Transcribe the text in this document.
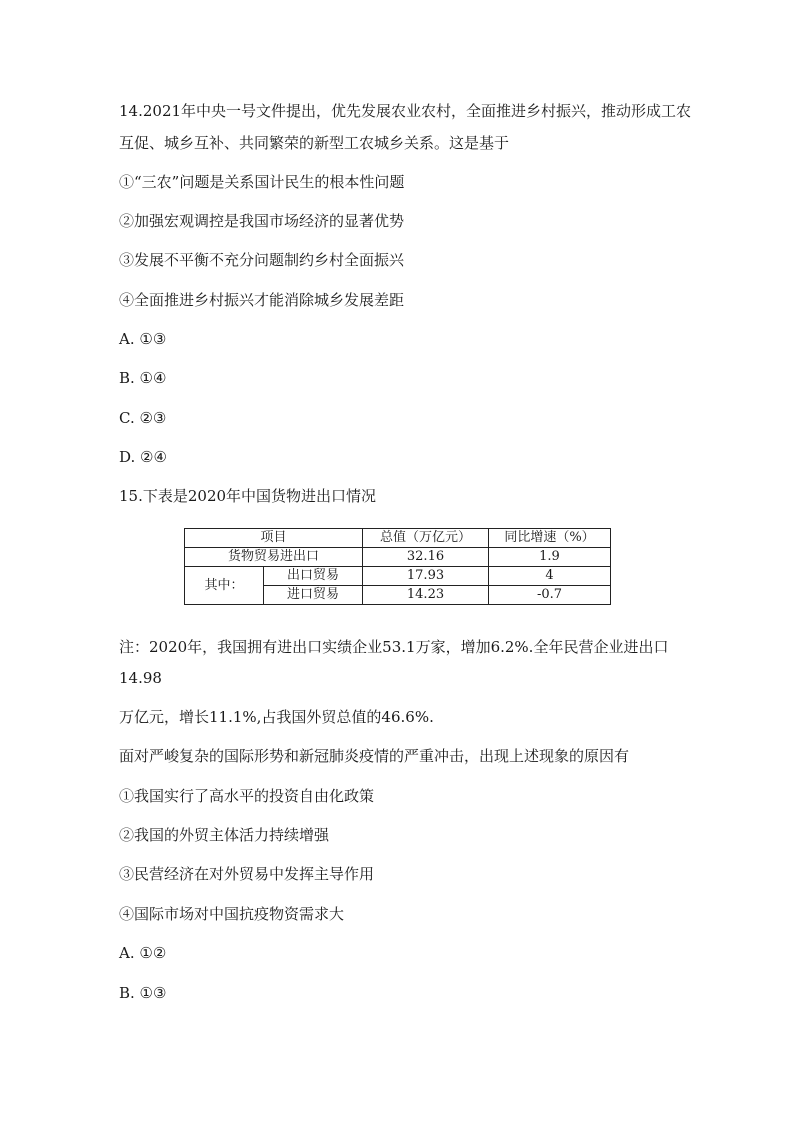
14.2021年中央一号文件提出，优先发展农业农村，全面推进乡村振兴，推动形成工农
互促、城乡互补、共同繁荣的新型工农城乡关系。这是基于
①“三农”问题是关系国计民生的根本性问题
②加强宏观调控是我国市场经济的显著优势
③发展不平衡不充分问题制约乡村全面振兴
④全面推进乡村振兴才能消除城乡发展差距
A. ①③
B. ①④
C. ②③
D. ②④
15.下表是2020年中国货物进出口情况
项目		总值（万亿元）	同比增速（%）
货物贸易进出口		32.16	1.9
其中：	出口贸易	17.93	4
	进口贸易	14.23	-0.7
注：2020年，我国拥有进出口实绩企业53.1万家，增加6.2%.全年民营企业进出口
14.98
万亿元，增长11.1%,占我国外贸总值的46.6%.
面对严峻复杂的国际形势和新冠肺炎疫情的严重冲击，出现上述现象的原因有
①我国实行了高水平的投资自由化政策
②我国的外贸主体活力持续增强
③民营经济在对外贸易中发挥主导作用
④国际市场对中国抗疫物资需求大
A. ①②
B. ①③
